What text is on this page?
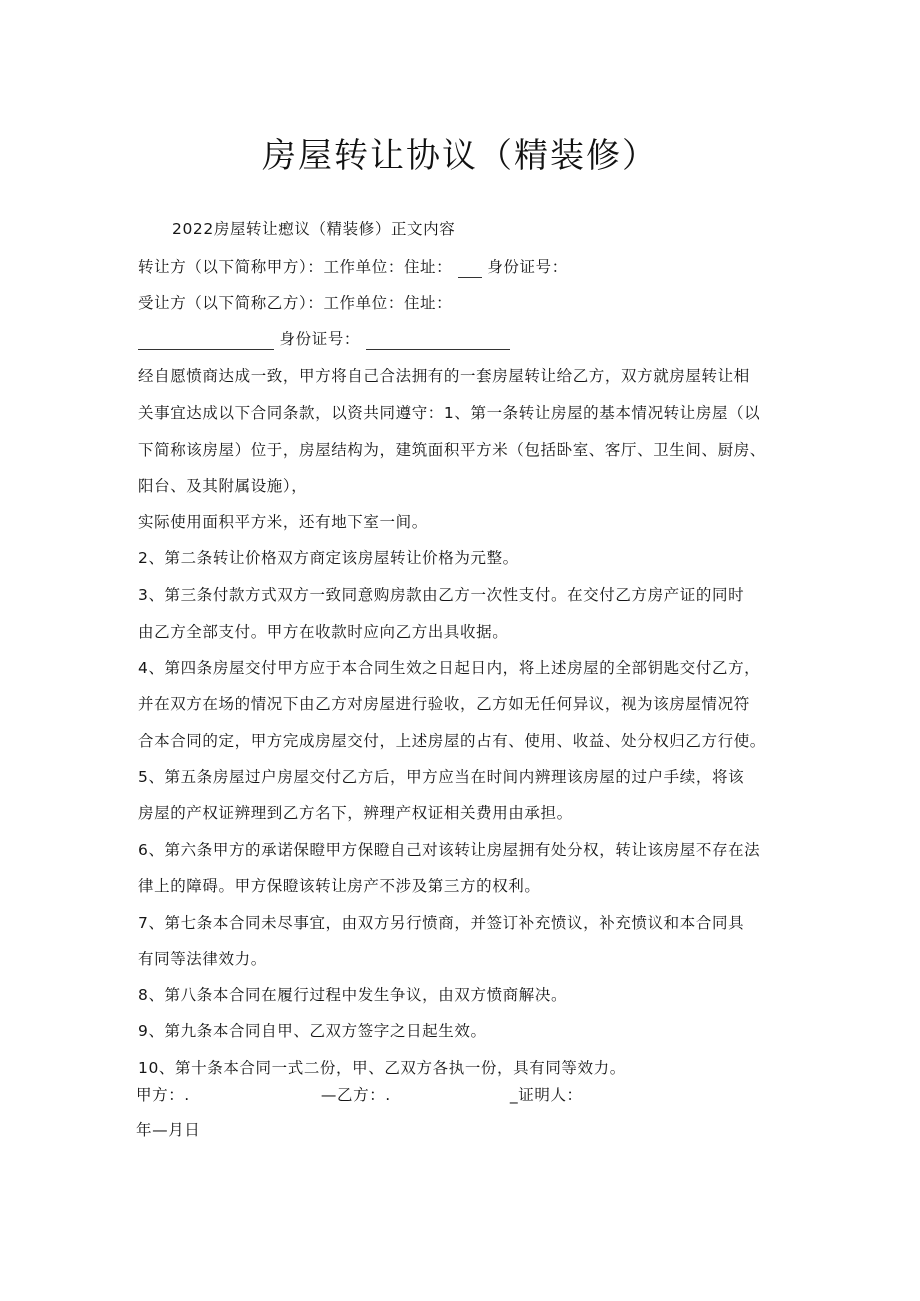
房屋转让协议（精装修）
2022房屋转让瘛议（精装修）正文内容
转让方（以下简称甲方）：工作单位：住址： 身份证号：
受让方（以下简称乙方）：工作单位：住址：
身份证号：
经自愿愤商达成一致，甲方将自己合法拥有的一套房屋转让给乙方，双方就房屋转让相
关事宜达成以下合同条款，以资共同遵守：1、第一条转让房屋的基本情况转让房屋（以
下简称该房屋）位于，房屋结构为，建筑面积平方米（包括卧室、客厅、卫生间、厨房、
阳台、及其附属设施），
实际使用面积平方米，还有地下室一间。
2、第二条转让价格双方商定该房屋转让价格为元整。
3、第三条付款方式双方一致同意购房款由乙方一次性支付。在交付乙方房产证的同时
由乙方全部支付。甲方在收款时应向乙方出具收据。
4、第四条房屋交付甲方应于本合同生效之日起日内，将上述房屋的全部钥匙交付乙方，
并在双方在场的情况下由乙方对房屋进行验收，乙方如无任何异议，视为该房屋情况符
合本合同的定，甲方完成房屋交付，上述房屋的占有、使用、收益、处分权归乙方行使。
5、第五条房屋过户房屋交付乙方后，甲方应当在时间内辨理该房屋的过户手续，将该
房屋的产权证辨理到乙方名下，辨理产权证相关费用由承担。
6、第六条甲方的承诺保瞪甲方保瞪自己对该转让房屋拥有处分权，转让该房屋不存在法
律上的障碍。甲方保瞪该转让房产不涉及第三方的权利。
7、第七条本合同未尽事宜，由双方另行愤商，并签订补充愤议，补充愤议和本合同具
有同等法律效力。
8、第八条本合同在履行过程中发生争议，由双方愤商解决。
9、第九条本合同自甲、乙双方签字之日起生效。
10、第十条本合同一式二份，甲、乙双方各执一份，具有同等效力。
甲方：.	—乙方：.	_证明人：
年—月日
